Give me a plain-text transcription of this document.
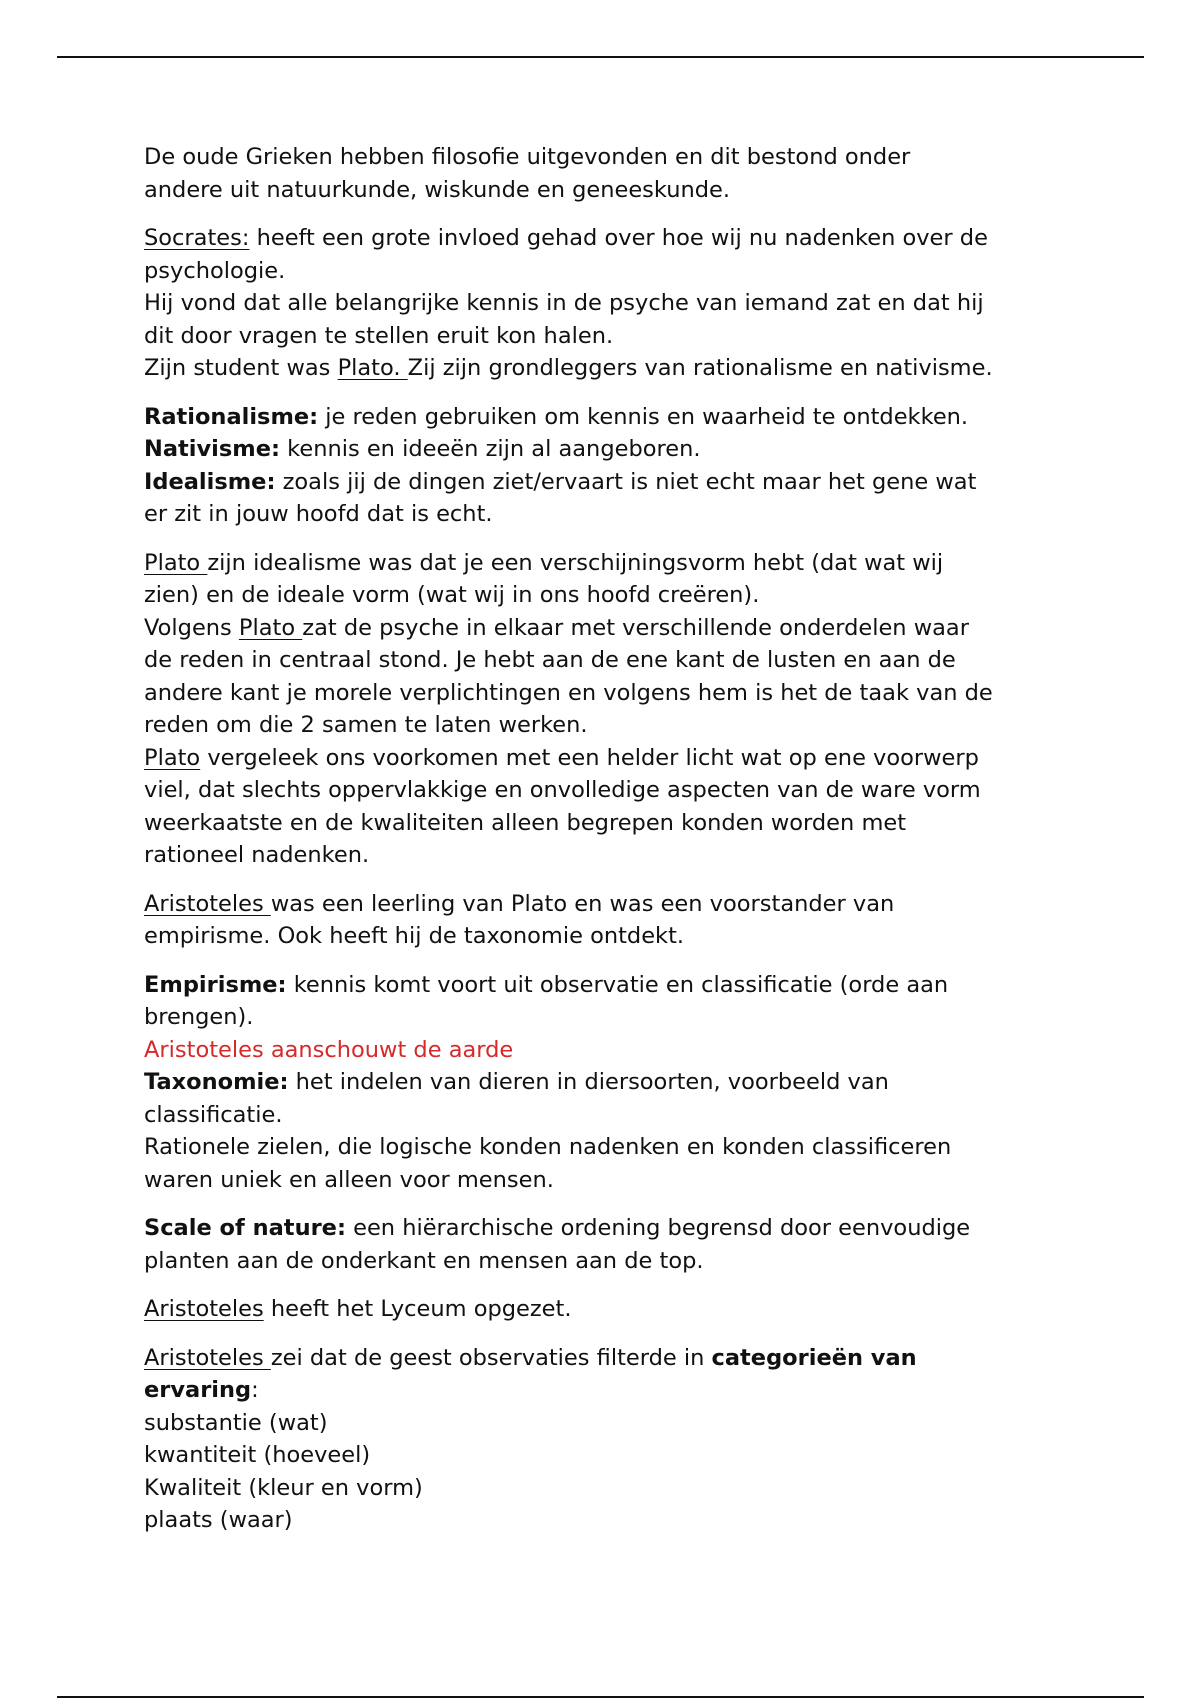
De oude Grieken hebben filosofie uitgevonden en dit bestond onder
andere uit natuurkunde, wiskunde en geneeskunde.

Socrates: heeft een grote invloed gehad over hoe wij nu nadenken over de
psychologie.
Hij vond dat alle belangrijke kennis in de psyche van iemand zat en dat hij
dit door vragen te stellen eruit kon halen.
Zijn student was Plato. Zij zijn grondleggers van rationalisme en nativisme.

Rationalisme: je reden gebruiken om kennis en waarheid te ontdekken.
Nativisme: kennis en ideeën zijn al aangeboren.
Idealisme: zoals jij de dingen ziet/ervaart is niet echt maar het gene wat
er zit in jouw hoofd dat is echt.

Plato zijn idealisme was dat je een verschijningsvorm hebt (dat wat wij
zien) en de ideale vorm (wat wij in ons hoofd creëren).
Volgens Plato zat de psyche in elkaar met verschillende onderdelen waar
de reden in centraal stond. Je hebt aan de ene kant de lusten en aan de
andere kant je morele verplichtingen en volgens hem is het de taak van de
reden om die 2 samen te laten werken.
Plato vergeleek ons voorkomen met een helder licht wat op ene voorwerp
viel, dat slechts oppervlakkige en onvolledige aspecten van de ware vorm
weerkaatste en de kwaliteiten alleen begrepen konden worden met
rationeel nadenken.

Aristoteles was een leerling van Plato en was een voorstander van
empirisme. Ook heeft hij de taxonomie ontdekt.

Empirisme: kennis komt voort uit observatie en classificatie (orde aan
brengen).
Aristoteles aanschouwt de aarde
Taxonomie: het indelen van dieren in diersoorten, voorbeeld van
classificatie.
Rationele zielen, die logische konden nadenken en konden classificeren
waren uniek en alleen voor mensen.

Scale of nature: een hiërarchische ordening begrensd door eenvoudige
planten aan de onderkant en mensen aan de top.

Aristoteles heeft het Lyceum opgezet.

Aristoteles zei dat de geest observaties filterde in categorieën van
ervaring:
substantie (wat)
kwantiteit (hoeveel)
Kwaliteit (kleur en vorm)
plaats (waar)
